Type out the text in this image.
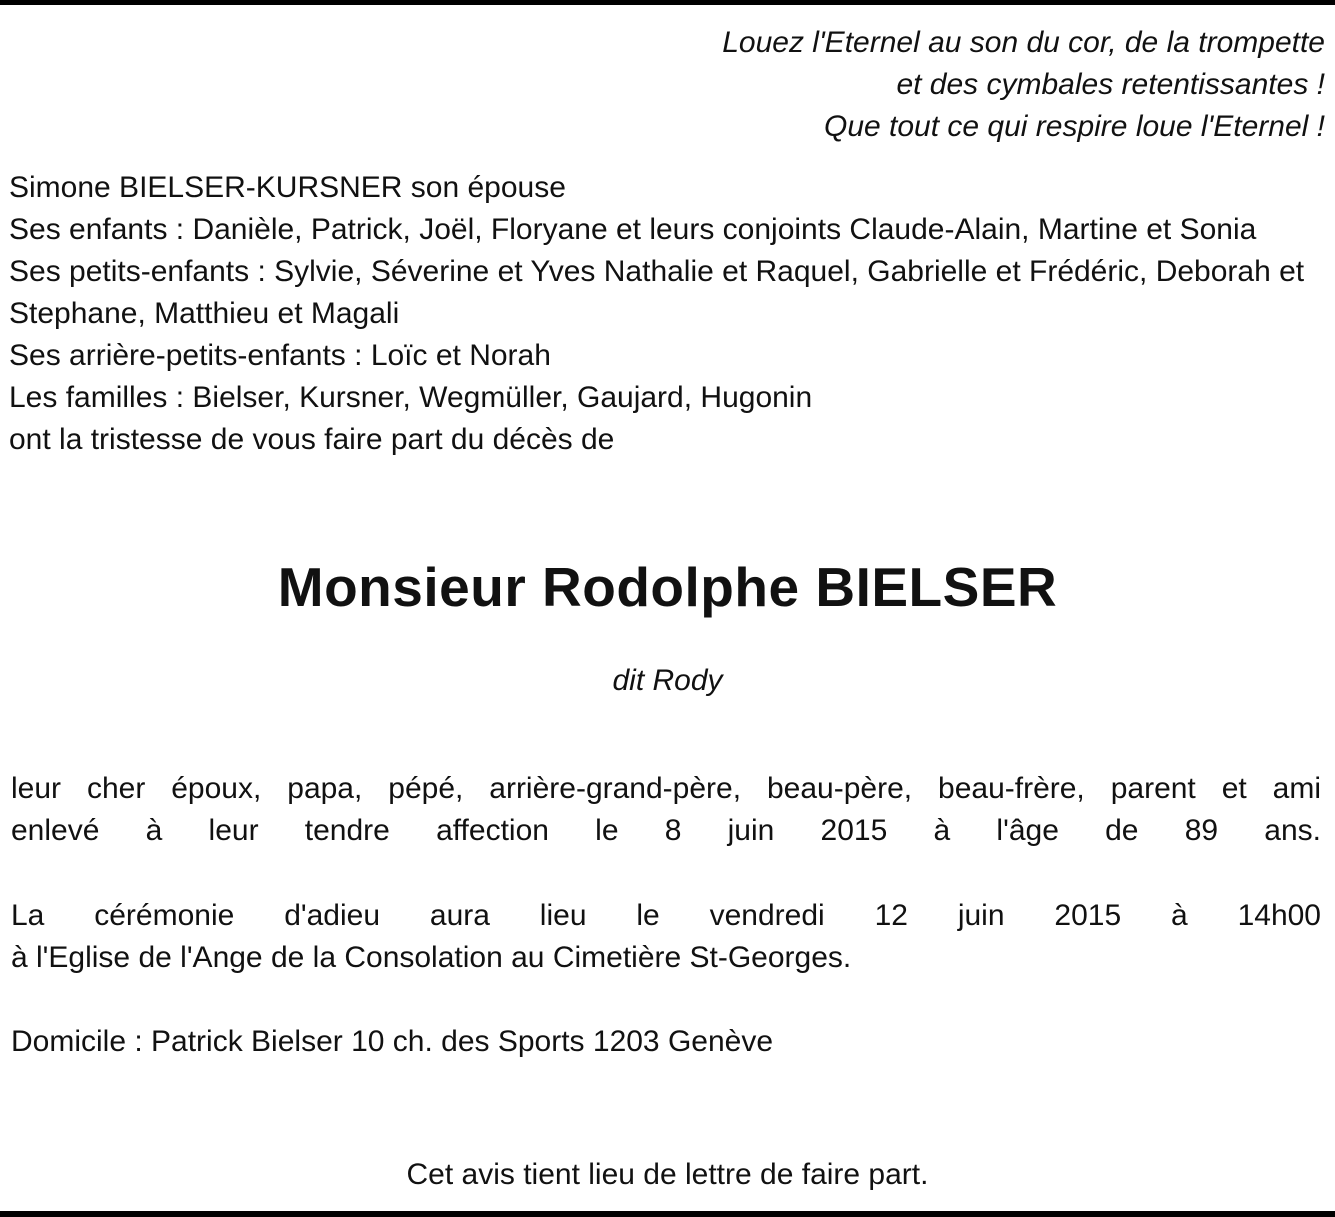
Louez l'Eternel au son du cor, de la trompette
et des cymbales retentissantes !
Que tout ce qui respire loue l'Eternel !
Simone BIELSER-KURSNER son épouse
Ses enfants : Danièle, Patrick, Joël, Floryane et leurs conjoints Claude-Alain, Martine et Sonia
Ses petits-enfants : Sylvie, Séverine et Yves Nathalie et Raquel, Gabrielle et Frédéric, Deborah et Stephane, Matthieu et Magali
Ses arrière-petits-enfants : Loïc et Norah
Les familles : Bielser, Kursner, Wegmüller, Gaujard, Hugonin
ont la tristesse de vous faire part du décès de
Monsieur Rodolphe BIELSER
dit Rody
leur cher époux, papa, pépé, arrière-grand-père, beau-père, beau-frère, parent et ami
enlevé à leur tendre affection le 8 juin 2015 à l'âge de 89 ans.
La cérémonie d'adieu aura lieu le vendredi 12 juin 2015 à 14h00
à l'Eglise de l'Ange de la Consolation au Cimetière St-Georges.
Domicile : Patrick Bielser 10 ch. des Sports 1203 Genève
Cet avis tient lieu de lettre de faire part.
